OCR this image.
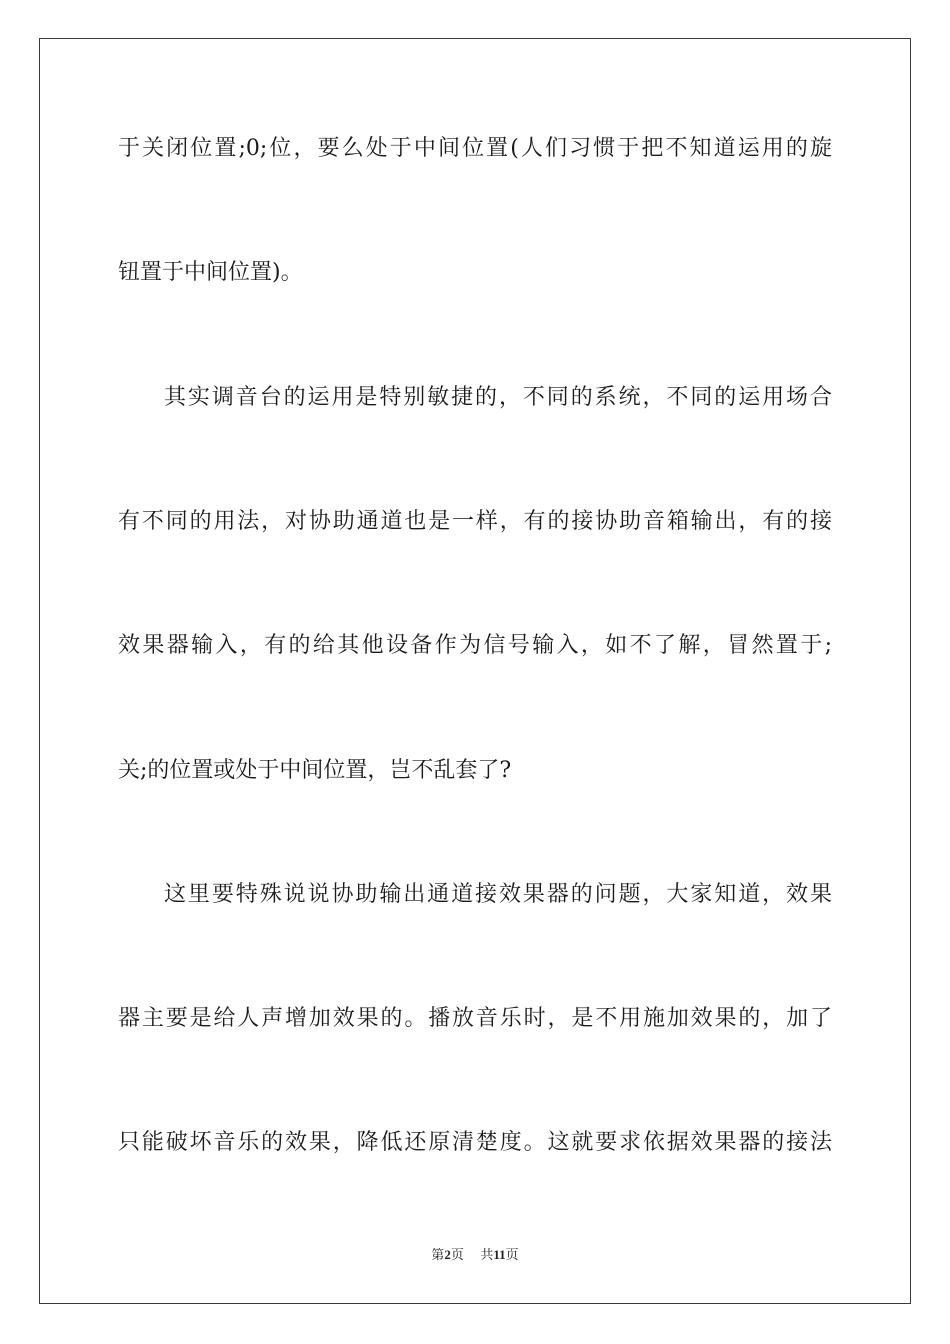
于关闭位置;0;位，要么处于中间位置(人们习惯于把不知道运用的旋
钮置于中间位置)。
其实调音台的运用是特别敏捷的，不同的系统，不同的运用场合
有不同的用法，对协助通道也是一样，有的接协助音箱输出，有的接
效果器输入，有的给其他设备作为信号输入，如不了解，冒然置于;
关;的位置或处于中间位置，岂不乱套了?
这里要特殊说说协助输出通道接效果器的问题，大家知道，效果
器主要是给人声增加效果的。播放音乐时，是不用施加效果的，加了
只能破坏音乐的效果，降低还原清楚度。这就要求依据效果器的接法
第2页 共11页
